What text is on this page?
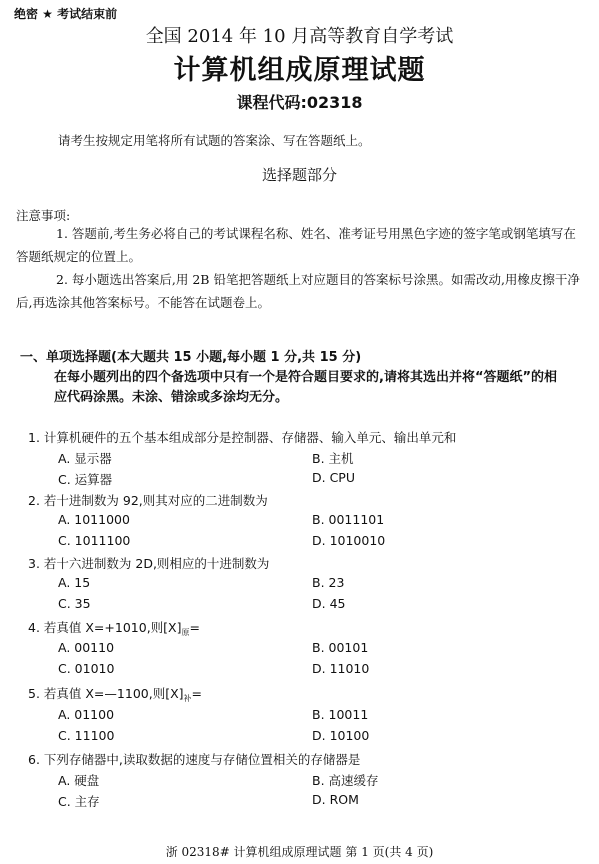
绝密 ★ 考试结束前
全国 2014 年 10 月高等教育自学考试
计算机组成原理试题
课程代码:02318
请考生按规定用笔将所有试题的答案涂、写在答题纸上。
选择题部分
注意事项:
1. 答题前,考生务必将自己的考试课程名称、姓名、准考证号用黑色字迹的签字笔或钢笔填写在答题纸规定的位置上。
2. 每小题选出答案后,用 2B 铅笔把答题纸上对应题目的答案标号涂黑。如需改动,用橡皮擦干净后,再选涂其他答案标号。不能答在试题卷上。
一、单项选择题(本大题共 15 小题,每小题 1 分,共 15 分)
在每小题列出的四个备选项中只有一个是符合题目要求的,请将其选出并将“答题纸”的相应代码涂黑。未涂、错涂或多涂均无分。
1. 计算机硬件的五个基本组成部分是控制器、存储器、输入单元、输出单元和
A. 显示器	B. 主机
C. 运算器	D. CPU
2. 若十进制数为 92,则其对应的二进制数为
A. 1011000	B. 0011101
C. 1011100	D. 1010010
3. 若十六进制数为 2D,则相应的十进制数为
A. 15	B. 23
C. 35	D. 45
4. 若真值 X=+1010,则$[X]_原=$
A. 00110	B. 00101
C. 01010	D. 11010
5. 若真值 X=—1100,则$[X]_补=$
A. 01100	B. 10011
C. 11100	D. 10100
6. 下列存储器中,读取数据的速度与存储位置相关的存储器是
A. 硬盘	B. 高速缓存
C. 主存	D. ROM
浙 02318# 计算机组成原理试题 第 1 页(共 4 页)
